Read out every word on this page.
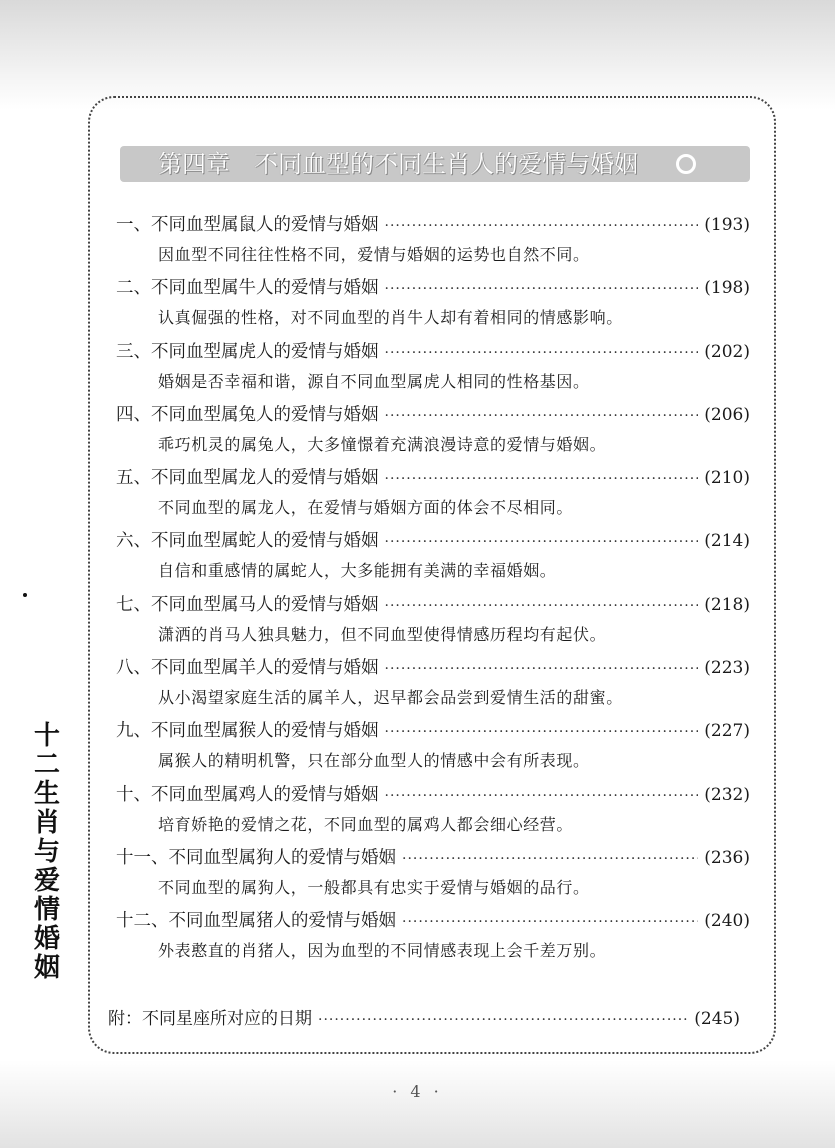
第四章　不同血型的不同生肖人的爱情与婚姻
一、不同血型属鼠人的爱情与婚姻 ·····	(193)
因血型不同往往性格不同，爱情与婚姻的运势也自然不同。
二、不同血型属牛人的爱情与婚姻 ·····	(198)
认真倔强的性格，对不同血型的肖牛人却有着相同的情感影响。
三、不同血型属虎人的爱情与婚姻 ·····	(202)
婚姻是否幸福和谐，源自不同血型属虎人相同的性格基因。
四、不同血型属兔人的爱情与婚姻 ·····	(206)
乖巧机灵的属兔人，大多憧憬着充满浪漫诗意的爱情与婚姻。
五、不同血型属龙人的爱情与婚姻 ·····	(210)
不同血型的属龙人，在爱情与婚姻方面的体会不尽相同。
六、不同血型属蛇人的爱情与婚姻 ·····	(214)
自信和重感情的属蛇人，大多能拥有美满的幸福婚姻。
七、不同血型属马人的爱情与婚姻 ·····	(218)
潇洒的肖马人独具魅力，但不同血型使得情感历程均有起伏。
八、不同血型属羊人的爱情与婚姻 ·····	(223)
从小渴望家庭生活的属羊人，迟早都会品尝到爱情生活的甜蜜。
九、不同血型属猴人的爱情与婚姻 ·····	(227)
属猴人的精明机警，只在部分血型人的情感中会有所表现。
十、不同血型属鸡人的爱情与婚姻 ·····	(232)
培育娇艳的爱情之花，不同血型的属鸡人都会细心经营。
十一、不同血型属狗人的爱情与婚姻 ·····	(236)
不同血型的属狗人，一般都具有忠实于爱情与婚姻的品行。
十二、不同血型属猪人的爱情与婚姻 ·····	(240)
外表憨直的肖猪人，因为血型的不同情感表现上会千差万别。
附：不同星座所对应的日期 ·····	(245)
十
二
生
肖
与
爱
情
婚
姻
· 4 ·
